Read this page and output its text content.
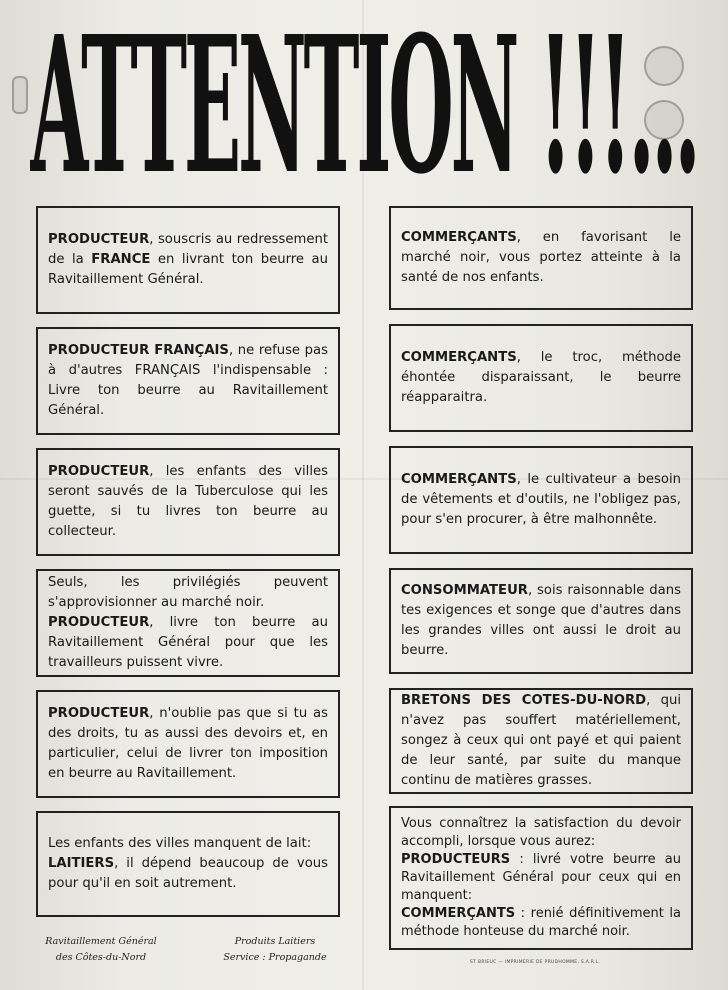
ATTENTION !!!...

PRODUCTEUR, souscris au redressement de la FRANCE en livrant ton beurre au Ravitaillement Général.

PRODUCTEUR FRANÇAIS, ne refuse pas à d'autres FRANÇAIS l'indispensable : Livre ton beurre au Ravitaillement Général.

PRODUCTEUR, les enfants des villes seront sauvés de la Tuberculose qui les guette, si tu livres ton beurre au collecteur.

Seuls, les privilégiés peuvent s'approvisionner au marché noir.
PRODUCTEUR, livre ton beurre au Ravitaillement Général pour que les travailleurs puissent vivre.

PRODUCTEUR, n'oublie pas que si tu as des droits, tu as aussi des devoirs et, en particulier, celui de livrer ton imposition en beurre au Ravitaillement.

Les enfants des villes manquent de lait:
LAITIERS, il dépend beaucoup de vous pour qu'il en soit autrement.

COMMERÇANTS, en favorisant le marché noir, vous portez atteinte à la santé de nos enfants.

COMMERÇANTS, le troc, méthode éhontée disparaissant, le beurre réapparaitra.

COMMERÇANTS, le cultivateur a besoin de vêtements et d'outils, ne l'obligez pas, pour s'en procurer, à être malhonnête.

CONSOMMATEUR, sois raisonnable dans tes exigences et songe que d'autres dans les grandes villes ont aussi le droit au beurre.

BRETONS DES COTES-DU-NORD, qui n'avez pas souffert matériellement, songez à ceux qui ont payé et qui paient de leur santé, par suite du manque continu de matières grasses.

Vous connaîtrez la satisfaction du devoir accompli, lorsque vous aurez:
PRODUCTEURS : livré votre beurre au Ravitaillement Général pour ceux qui en manquent:
COMMERÇANTS : renié définitivement la méthode honteuse du marché noir.

Ravitaillement Général
des Côtes-du-Nord
Produits Laitiers
Service : Propagande	ST BRIEUC — IMPRIMERIE DE PRUDHOMME, S.A.R.L.
